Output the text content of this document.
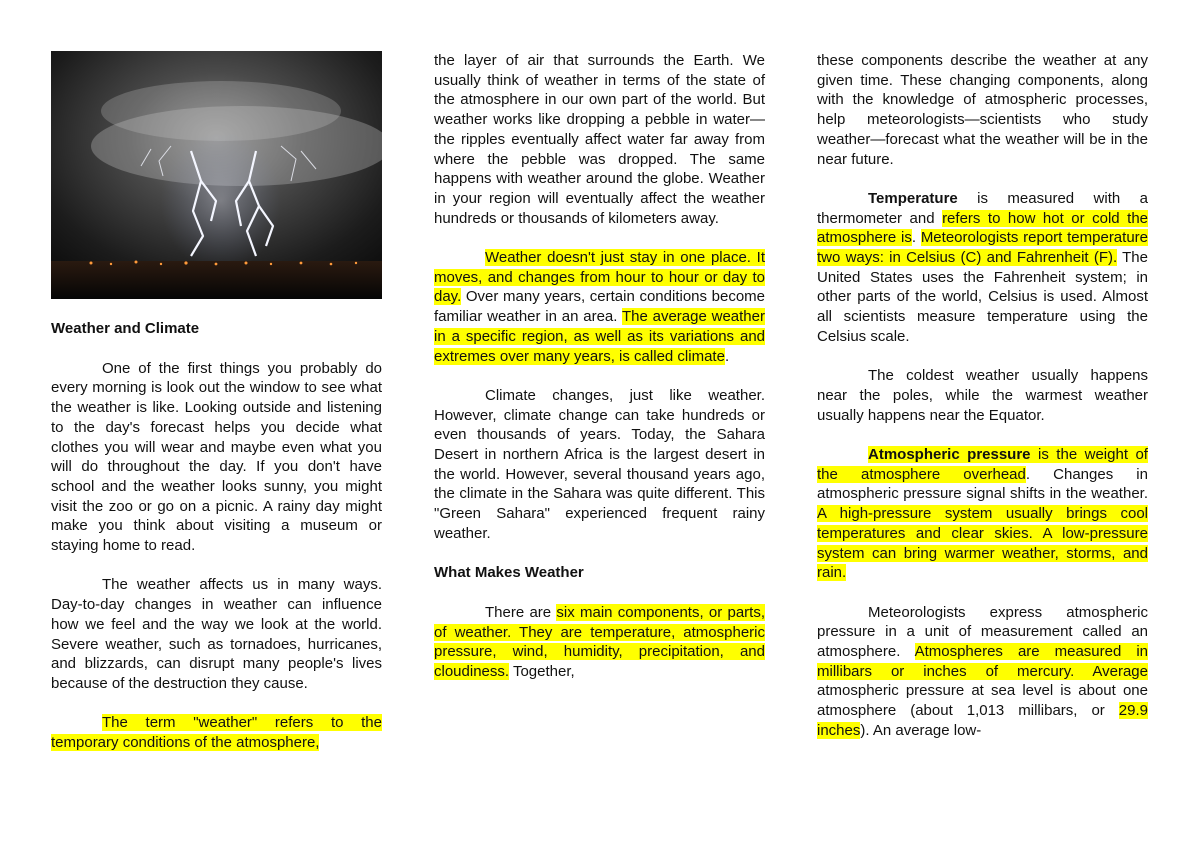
Weather and Climate

One of the first things you probably do every morning is look out the window to see what the weather is like. Looking outside and listening to the day's forecast helps you decide what clothes you will wear and maybe even what you will do throughout the day. If you don't have school and the weather looks sunny, you might visit the zoo or go on a picnic. A rainy day might make you think about visiting a museum or staying home to read.

The weather affects us in many ways. Day-to-day changes in weather can influence how we feel and the way we look at the world. Severe weather, such as tornadoes, hurricanes, and blizzards, can disrupt many people's lives because of the destruction they cause.

The term "weather" refers to the temporary conditions of the atmosphere,

the layer of air that surrounds the Earth. We usually think of weather in terms of the state of the atmosphere in our own part of the world. But weather works like dropping a pebble in water—the ripples eventually affect water far away from where the pebble was dropped. The same happens with weather around the globe. Weather in your region will eventually affect the weather hundreds or thousands of kilometers away.

Weather doesn't just stay in one place. It moves, and changes from hour to hour or day to day. Over many years, certain conditions become familiar weather in an area. The average weather in a specific region, as well as its variations and extremes over many years, is called climate.

Climate changes, just like weather. However, climate change can take hundreds or even thousands of years. Today, the Sahara Desert in northern Africa is the largest desert in the world. However, several thousand years ago, the climate in the Sahara was quite different. This "Green Sahara" experienced frequent rainy weather.

What Makes Weather

There are six main components, or parts, of weather. They are temperature, atmospheric pressure, wind, humidity, precipitation, and cloudiness. Together,

these components describe the weather at any given time. These changing components, along with the knowledge of atmospheric processes, help meteorologists—scientists who study weather—forecast what the weather will be in the near future.

Temperature is measured with a thermometer and refers to how hot or cold the atmosphere is. Meteorologists report temperature two ways: in Celsius (C) and Fahrenheit (F). The United States uses the Fahrenheit system; in other parts of the world, Celsius is used. Almost all scientists measure temperature using the Celsius scale.

The coldest weather usually happens near the poles, while the warmest weather usually happens near the Equator.

Atmospheric pressure is the weight of the atmosphere overhead. Changes in atmospheric pressure signal shifts in the weather. A high-pressure system usually brings cool temperatures and clear skies. A low-pressure system can bring warmer weather, storms, and rain.

Meteorologists express atmospheric pressure in a unit of measurement called an atmosphere. Atmospheres are measured in millibars or inches of mercury. Average atmospheric pressure at sea level is about one atmosphere (about 1,013 millibars, or 29.9 inches). An average low-
